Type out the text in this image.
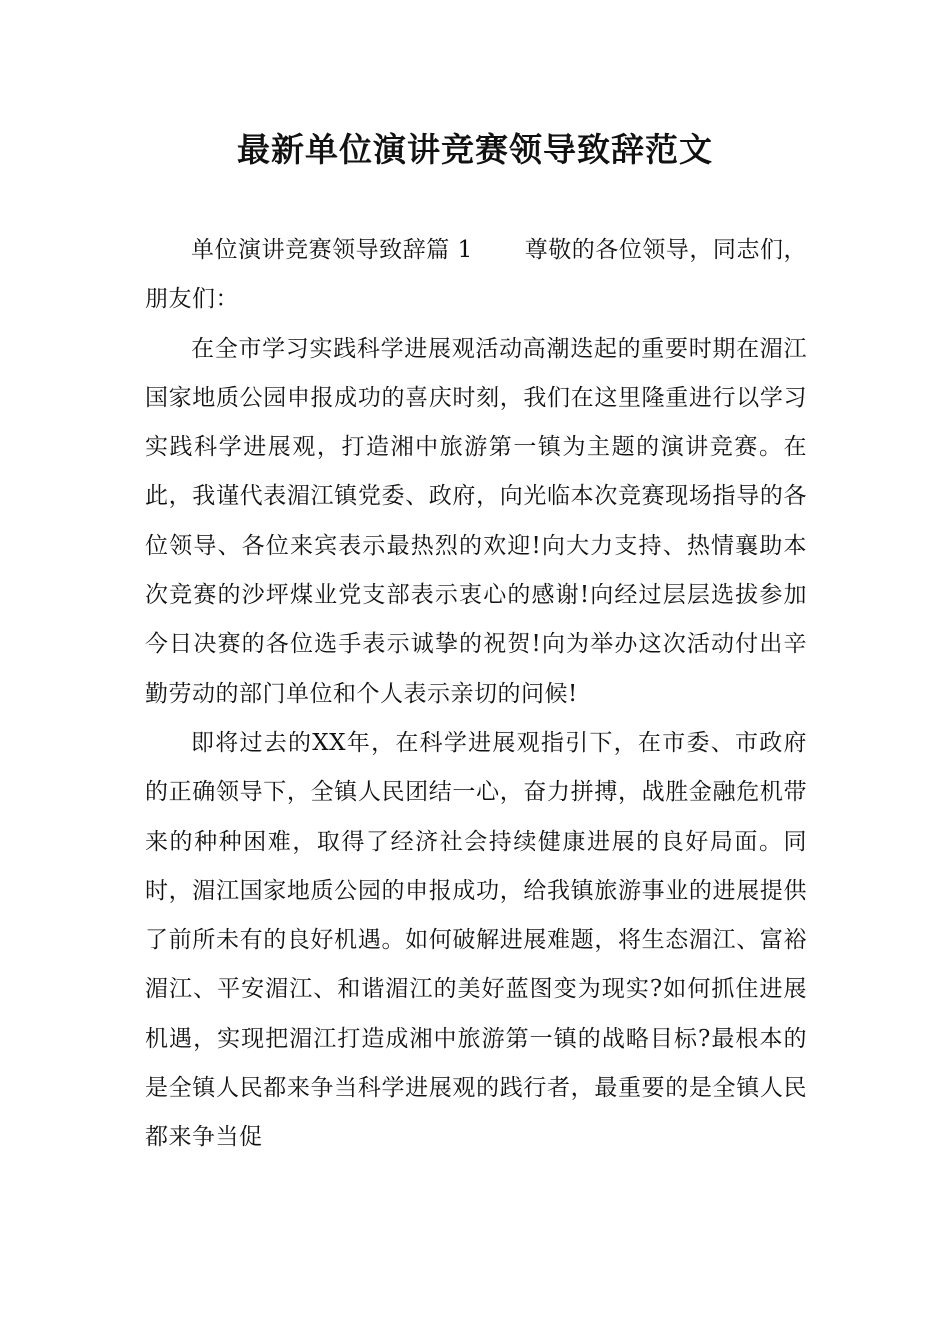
最新单位演讲竞赛领导致辞范文

单位演讲竞赛领导致辞篇 1 尊敬的各位领导，同志们，朋友们：

在全市学习实践科学进展观活动高潮迭起的重要时期在湄江国家地质公园申报成功的喜庆时刻，我们在这里隆重进行以学习实践科学进展观，打造湘中旅游第一镇为主题的演讲竞赛。在此，我谨代表湄江镇党委、政府，向光临本次竞赛现场指导的各位领导、各位来宾表示最热烈的欢迎!向大力支持、热情襄助本次竞赛的沙坪煤业党支部表示衷心的感谢!向经过层层选拔参加今日决赛的各位选手表示诚挚的祝贺!向为举办这次活动付出辛勤劳动的部门单位和个人表示亲切的问候!

即将过去的XX年，在科学进展观指引下，在市委、市政府的正确领导下，全镇人民团结一心，奋力拼搏，战胜金融危机带来的种种困难，取得了经济社会持续健康进展的良好局面。同时，湄江国家地质公园的申报成功，给我镇旅游事业的进展提供了前所未有的良好机遇。如何破解进展难题，将生态湄江、富裕湄江、平安湄江、和谐湄江的美好蓝图变为现实?如何抓住进展机遇，实现把湄江打造成湘中旅游第一镇的战略目标?最根本的是全镇人民都来争当科学进展观的践行者，最重要的是全镇人民都来争当促
